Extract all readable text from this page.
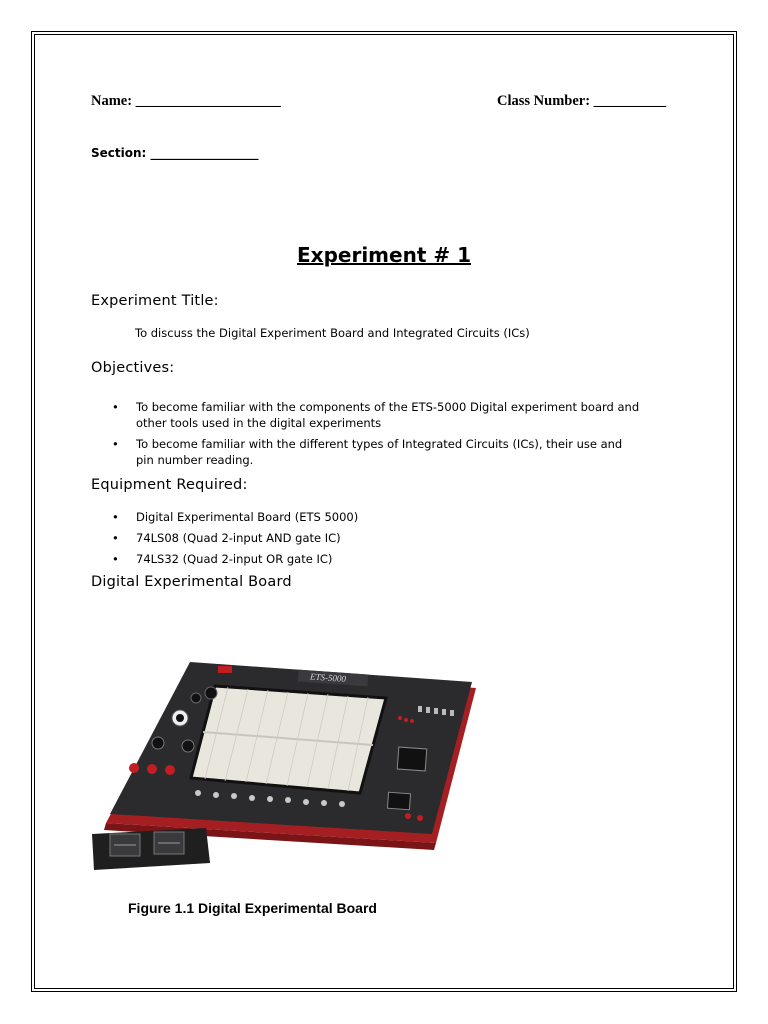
Name: ____________________	Class Number: __________
Section: __________________
Experiment # 1
Experiment Title:
To discuss the Digital Experiment Board and Integrated Circuits (ICs)
Objectives:
• To become familiar with the components of the ETS-5000 Digital experiment board and
other tools used in the digital experiments
• To become familiar with the different types of Integrated Circuits (ICs), their use and
pin number reading.
Equipment Required:
• Digital Experimental Board (ETS 5000)
• 74LS08 (Quad 2-input AND gate IC)
• 74LS32 (Quad 2-input OR gate IC)
Digital Experimental Board
ETS-5000
Figure 1.1 Digital Experimental Board
